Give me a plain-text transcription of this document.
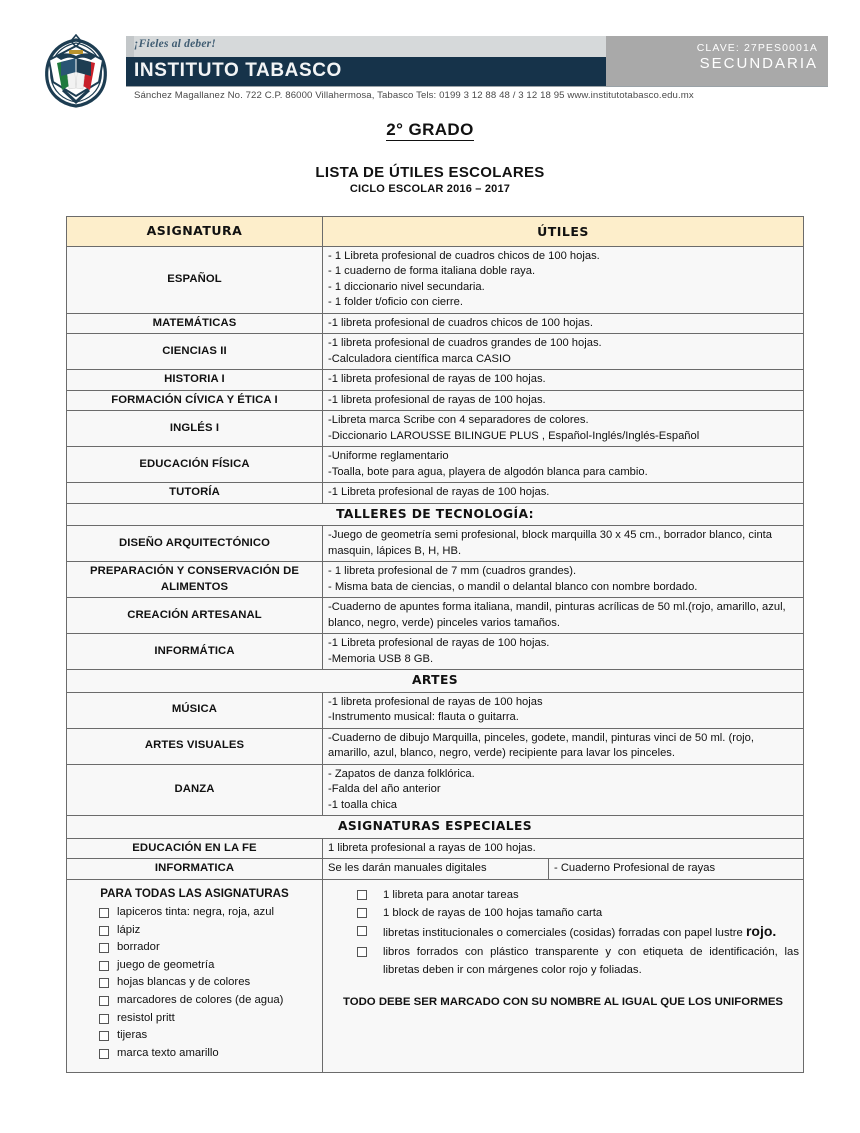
¡Fieles al deber!
INSTITUTO TABASCO
Sánchez Magallanez No. 722 C.P. 86000 Villahermosa, Tabasco Tels: 0199 3 12 88 48 / 3 12 18 95 www.institutotabasco.edu.mx
CLAVE: 27PES0001A
SECUNDARIA
2° GRADO
LISTA DE ÚTILES ESCOLARES
CICLO ESCOLAR 2016 – 2017
ASIGNATURA	ÚTILES
ESPAÑOL	
- 1 Libreta profesional de cuadros chicos de 100 hojas.
- 1 cuaderno de forma italiana doble raya.
- 1 diccionario nivel secundaria.
- 1 folder t/oficio con cierre.

MATEMÁTICAS	-1 libreta profesional de cuadros chicos de 100 hojas.

CIENCIAS II	
-1 libreta profesional de cuadros grandes de 100 hojas.
-Calculadora científica marca CASIO

HISTORIA I	-1 libreta profesional de rayas de 100 hojas.

FORMACIÓN CÍVICA Y ÉTICA I	-1 libreta profesional de rayas de 100 hojas.

INGLÉS I	
-Libreta marca Scribe con 4 separadores de colores.
-Diccionario LAROUSSE BILINGUE PLUS , Español-Inglés/Inglés-Español

EDUCACIÓN FÍSICA	
-Uniforme reglamentario
-Toalla, bote para agua, playera de algodón blanca para cambio.

TUTORÍA	-1 Libreta profesional de rayas de 100 hojas.

TALLERES DE TECNOLOGÍA:
DISEÑO ARQUITECTÓNICO	
-Juego de geometría semi profesional, block marquilla 30 x 45 cm., borrador blanco, cinta masquin, lápices B, H, HB.

PREPARACIÓN Y CONSERVACIÓN DE ALIMENTOS	
- 1 libreta profesional de 7 mm (cuadros grandes).
- Misma bata de ciencias, o mandil o delantal blanco con nombre bordado.

CREACIÓN ARTESANAL	
-Cuaderno de apuntes forma italiana, mandil, pinturas acrílicas de 50 ml.(rojo, amarillo, azul, blanco, negro, verde) pinceles varios tamaños.

INFORMÁTICA	
-1 Libreta profesional de rayas de 100 hojas.
-Memoria USB 8 GB.

ARTES
MÚSICA	
-1 libreta profesional de rayas de 100 hojas
-Instrumento musical: flauta o guitarra.

ARTES VISUALES	
-Cuaderno de dibujo Marquilla, pinceles, godete, mandil, pinturas vinci de 50 ml. (rojo, amarillo, azul, blanco, negro, verde) recipiente para lavar los pinceles.

DANZA	
- Zapatos de danza folklórica.
-Falda del año anterior
-1 toalla chica

ASIGNATURAS ESPECIALES
EDUCACIÓN EN LA FE	1 libreta profesional a rayas de 100 hojas.

INFORMATICA		Se les darán manuales digitales	- Cuaderno Profesional de rayas

PARA TODAS LAS ASIGNATURAS
lapiceros tinta: negra, roja, azul
lápiz
borrador
juego de geometría
hojas blancas y de colores
marcadores de colores (de agua)
resistol pritt
tijeras
marca texto amarillo

1 libreta para anotar tareas
1 block de rayas de 100 hojas tamaño carta
libretas institucionales o comerciales (cosidas) forradas con papel lustre rojo.
libros forrados con plástico transparente y con etiqueta de identificación, las libretas deben ir con márgenes color rojo y foliadas.
TODO DEBE SER MARCADO CON SU NOMBRE AL IGUAL QUE LOS UNIFORMES
